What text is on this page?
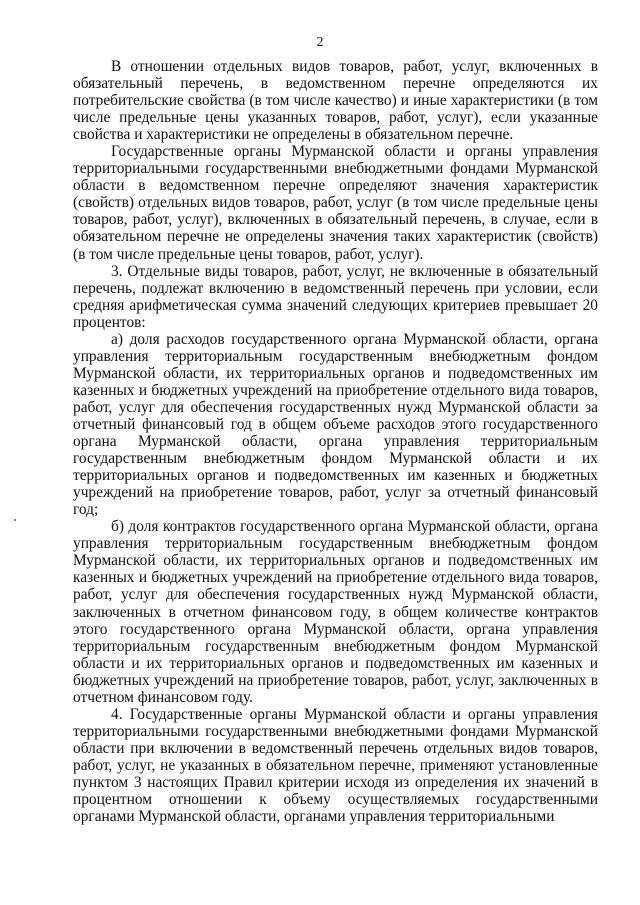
2

В отношении отдельных видов товаров, работ, услуг, включенных в обязательный перечень, в ведомственном перечне определяются их потребительские свойства (в том числе качество) и иные характеристики (в том числе предельные цены указанных товаров, работ, услуг), если указанные свойства и характеристики не определены в обязательном перечне.

Государственные органы Мурманской области и органы управления территориальными государственными внебюджетными фондами Мурманской области в ведомственном перечне определяют значения характеристик (свойств) отдельных видов товаров, работ, услуг (в том числе предельные цены товаров, работ, услуг), включенных в обязательный перечень, в случае, если в обязательном перечне не определены значения таких характеристик (свойств) (в том числе предельные цены товаров, работ, услуг).

3. Отдельные виды товаров, работ, услуг, не включенные в обязательный перечень, подлежат включению в ведомственный перечень при условии, если средняя арифметическая сумма значений следующих критериев превышает 20 процентов:

а) доля расходов государственного органа Мурманской области, органа управления территориальным государственным внебюджетным фондом Мурманской области, их территориальных органов и подведомственных им казенных и бюджетных учреждений на приобретение отдельного вида товаров, работ, услуг для обеспечения государственных нужд Мурманской области за отчетный финансовый год в общем объеме расходов этого государственного органа Мурманской области, органа управления территориальным государственным внебюджетным фондом Мурманской области и их территориальных органов и подведомственных им казенных и бюджетных учреждений на приобретение товаров, работ, услуг за отчетный финансовый год;

б) доля контрактов государственного органа Мурманской области, органа управления территориальным государственным внебюджетным фондом Мурманской области, их территориальных органов и подведомственных им казенных и бюджетных учреждений на приобретение отдельного вида товаров, работ, услуг для обеспечения государственных нужд Мурманской области, заключенных в отчетном финансовом году, в общем количестве контрактов этого государственного органа Мурманской области, органа управления территориальным государственным внебюджетным фондом Мурманской области и их территориальных органов и подведомственных им казенных и бюджетных учреждений на приобретение товаров, работ, услуг, заключенных в отчетном финансовом году.

4. Государственные органы Мурманской области и органы управления территориальными государственными внебюджетными фондами Мурманской области при включении в ведомственный перечень отдельных видов товаров, работ, услуг, не указанных в обязательном перечне, применяют установленные пунктом 3 настоящих Правил критерии исходя из определения их значений в процентном отношении к объему осуществляемых государственными органами Мурманской области, органами управления территориальными
